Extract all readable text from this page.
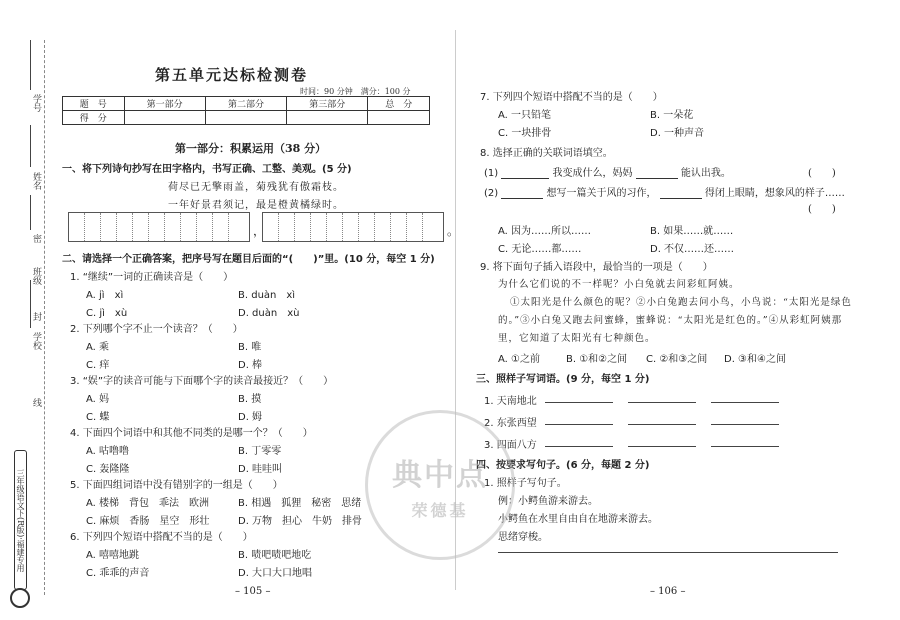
学号
姓名
密
班级
封
学校
线
三年级语文下(R版)·福建专用
第五单元达标检测卷
时间：90 分钟　满分：100 分
题　号	第一部分	第二部分	第三部分	总　分
得　分				
第一部分：积累运用（38 分）
一、将下列诗句抄写在田字格内，书写正确、工整、美观。(5 分)
荷尽已无擎雨盖，菊残犹有傲霜枝。
一年好景君须记，最是橙黄橘绿时。
，	。
二、请选择一个正确答案，把序号写在题目后面的“(　　)”里。(10 分，每空 1 分)
1. “继续”一词的正确读音是（　　）
A. jì　xì	B. duàn　xì
C. jì　xù	D. duàn　xù
2. 下列哪个字不止一个读音？（　　）
A. 乘	B. 唯
C. 痒	D. 棒
3. “娱”字的读音可能与下面哪个字的读音最接近？（　　）
A. 妈	B. 摸
C. 蝶	D. 姆
4. 下面四个词语中和其他不同类的是哪一个？（　　）
A. 咕噜噜	B. 丁零零
C. 轰隆隆	D. 哇哇叫
5. 下面四组词语中没有错别字的一组是（　　）
A. 楼梯　背包　乖法　欧洲	B. 相遇　狐狸　秘密　思绪
C. 麻烦　香肠　星空　形壮	D. 万物　担心　牛奶　排骨
6. 下列四个短语中搭配不当的是（　　）
A. 嘻嘻地跳	B. 啧吧啧吧地吃
C. 乖乖的声音	D. 大口大口地唱
– 105 –
7. 下列四个短语中搭配不当的是（　　）
A. 一只铅笔	B. 一朵花
C. 一块排骨	D. 一种声音
8. 选择正确的关联词语填空。
(1)	我变成什么，妈妈	能认出我。	(　　)
(2)	想写一篇关于风的习作，	得闭上眼睛，想象风的样子……
(　　)
A. 因为……所以……	B. 如果……就……
C. 无论……都……	D. 不仅……还……
9. 将下面句子插入语段中，最恰当的一项是（　　）
为什么它们说的不一样呢？小白兔就去问彩虹阿姨。
①太阳光是什么颜色的呢？②小白兔跑去问小鸟，小鸟说：“太阳光是绿色
的。”③小白兔又跑去问蜜蜂，蜜蜂说：“太阳光是红色的。”④从彩虹阿姨那
里，它知道了太阳光有七种颜色。
A. ①之前	B. ①和②之间 C. ②和③之间 D. ③和④之间
三、照样子写词语。(9 分，每空 1 分)
1. 天南地北
2. 东张西望
3. 四面八方
四、按要求写句子。(6 分，每题 2 分)
1. 照样子写句子。
例：小鳄鱼游来游去。
小鳄鱼在水里自由自在地游来游去。
思绪穿梭。
– 106 –
典中点
荣德基
